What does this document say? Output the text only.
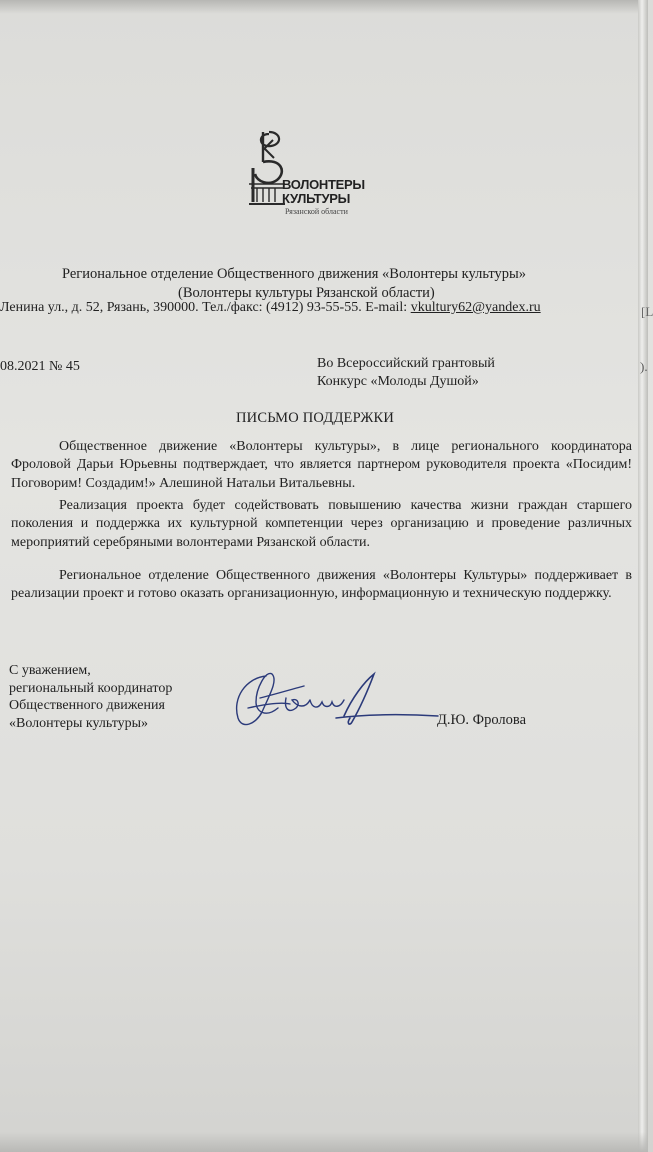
ВОЛОНТЕРЫ
КУЛЬТУРЫ
Рязанской области
Региональное отделение Общественного движения «Волонтеры культуры»
(Волонтеры культуры Рязанской области)
Ленина ул., д. 52, Рязань, 390000. Тел./факс: (4912) 93-55-55. E-mail: vkultury62@yandex.ru	[L
08.2021 № 45	Во Всероссийский грантовый
Конкурс «Молоды Душой»
).
ПИСЬМО ПОДДЕРЖКИ
Общественное движение «Волонтеры культуры», в лице регионального координатора Фроловой Дарьи Юрьевны подтверждает, что является партнером руководителя проекта «Посидим! Поговорим! Создадим!» Алешиной Натальи Витальевны.
Реализация проекта будет содействовать повышению качества жизни граждан старшего поколения и поддержка их культурной компетенции через организацию и проведение различных мероприятий серебряными волонтерами Рязанской области.
Региональное отделение Общественного движения «Волонтеры Культуры» поддерживает в реализации проект и готово оказать организационную, информационную и техническую поддержку.
С уважением,
региональный координатор
Общественного движения
«Волонтеры культуры»	Д.Ю. Фролова
